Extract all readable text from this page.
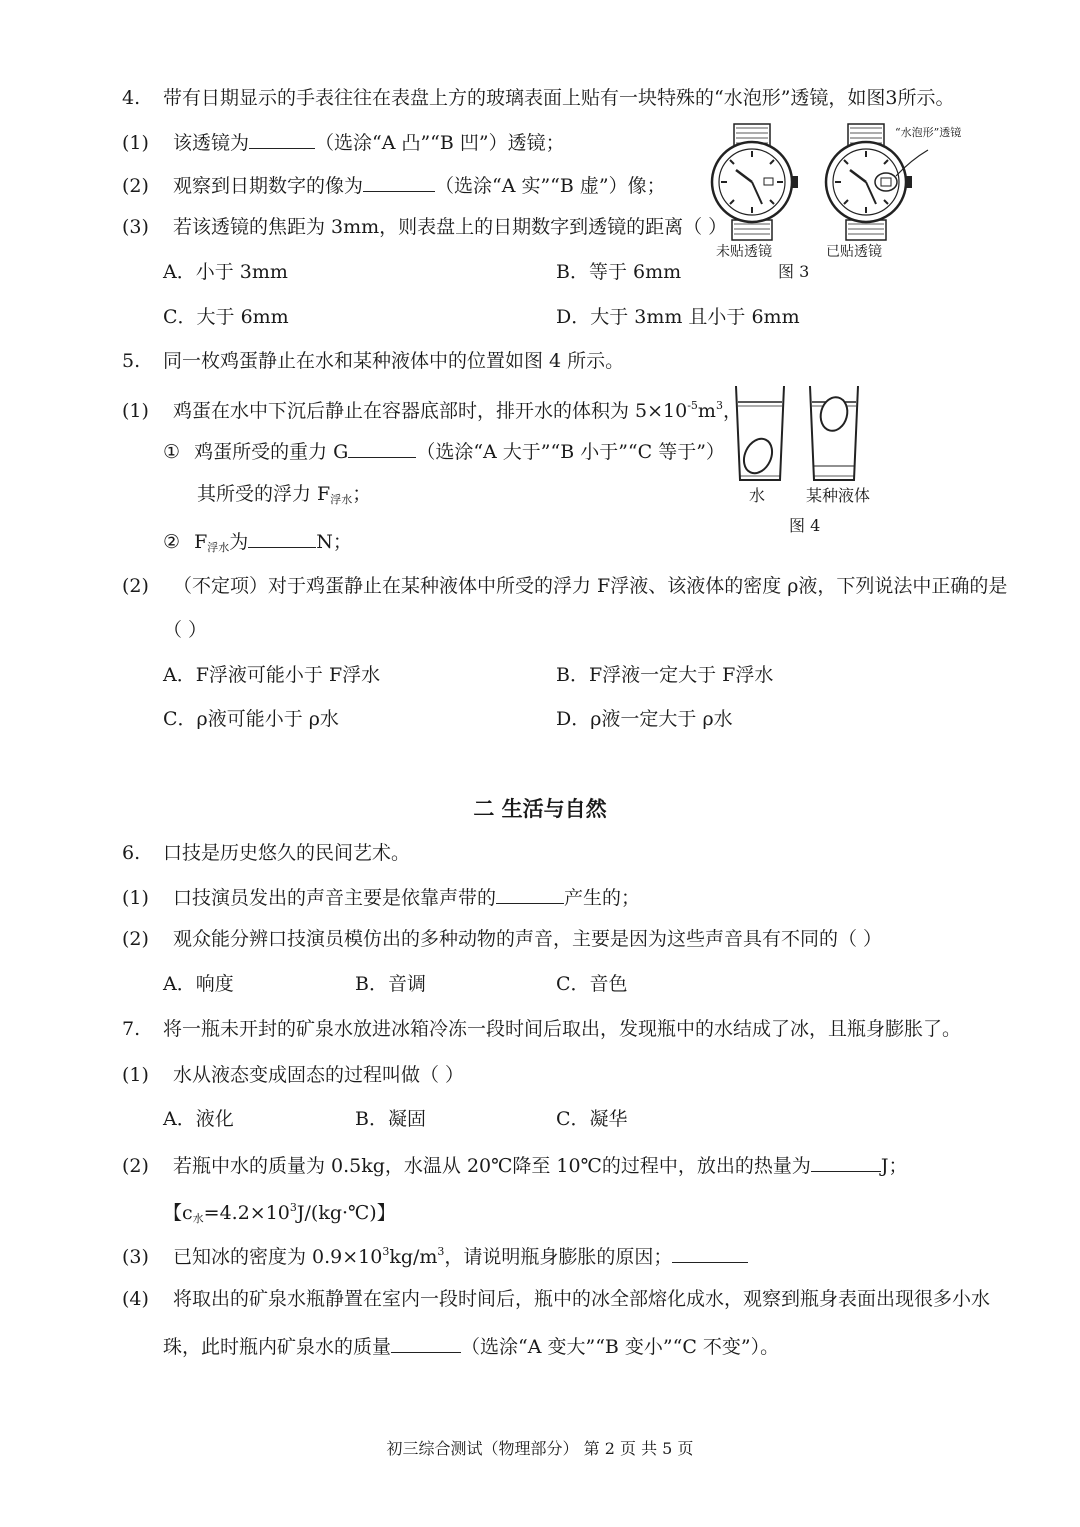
4. 带有日期显示的手表往往在表盘上方的玻璃表面上贴有一块特殊的“水泡形”透镜，如图3所示。
(1) 该透镜为	（选涂“A 凸”“B 凹”）透镜；
(2) 观察到日期数字的像为	（选涂“A 实”“B 虚”）像；
(3) 若该透镜的焦距为 3mm，则表盘上的日期数字到透镜的距离（ ）
A．小于 3mm	B．等于 6mm
C．大于 6mm	D．大于 3mm 且小于 6mm
“水泡形”透镜
未贴透镜	已贴透镜
图 3
5. 同一枚鸡蛋静止在水和某种液体中的位置如图 4 所示。
(1) 鸡蛋在水中下沉后静止在容器底部时，排开水的体积为 $5\times 10^{-5}m^3$，
① 鸡蛋所受的重力 G	（选涂“A 大于”“B 小于”“C 等于”）
其所受的浮力 $F_{浮水}$；
② $F_{浮水}$为	N；
水	某种液体
图 4
(2) （不定项）对于鸡蛋静止在某种液体中所受的浮力 F浮液、该液体的密度 ρ液，下列说法中正确的是
（ ）
A．F浮液可能小于 F浮水	B．F浮液一定大于 F浮水
C．ρ液可能小于 ρ水	D．ρ液一定大于 ρ水
二 生活与自然
6. 口技是历史悠久的民间艺术。
(1) 口技演员发出的声音主要是依靠声带的	产生的；
(2) 观众能分辨口技演员模仿出的多种动物的声音，主要是因为这些声音具有不同的（ ）
A．响度	B．音调	C．音色
7. 将一瓶未开封的矿泉水放进冰箱冷冻一段时间后取出，发现瓶中的水结成了冰，且瓶身膨胀了。
(1) 水从液态变成固态的过程叫做（ ）
A．液化	B．凝固	C．凝华
(2) 若瓶中水的质量为 0.5kg，水温从 20℃降至 10℃的过程中，放出的热量为	J；
【$c_水=4.2\times 10^3J/(kg\cdot℃)$】
(3) 已知冰的密度为 $0.9\times 10^3kg/m^3$，请说明瓶身膨胀的原因；
(4) 将取出的矿泉水瓶静置在室内一段时间后，瓶中的冰全部熔化成水，观察到瓶身表面出现很多小水
珠，此时瓶内矿泉水的质量	（选涂“A 变大”“B 变小”“C 不变”）。
初三综合测试（物理部分） 第 2 页 共 5 页
